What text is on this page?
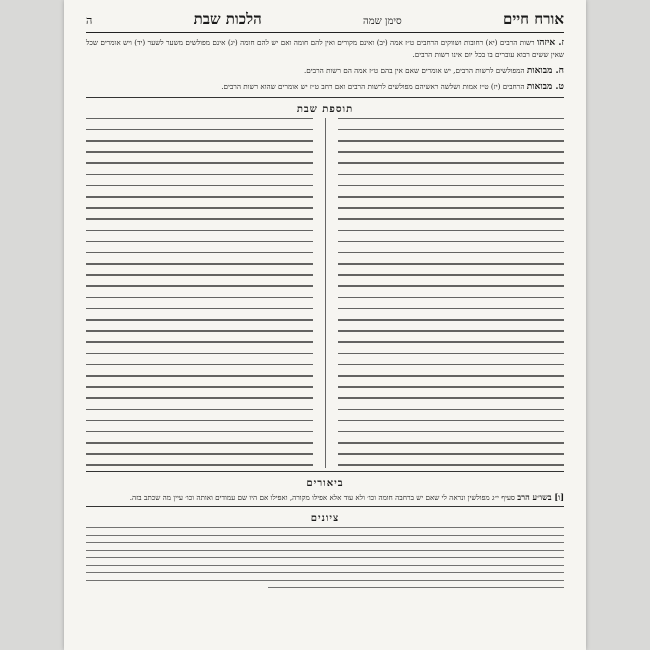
אורח חיים
סימן שמה
הלכות שבת
ה
ז. איזהו רשות הרבים (יא) רחובות ושווקים הרחבים ט״ז אמה (יב) ואינם מקורים ואין להם חומה ואם יש להם חומה (יג) אינם מפולשים משער לשער (יד) ויש אומרים שכל שאין ששים רבוא עוברים בו בכל יום אינו רשות הרבים.
ח. מבואות המפולשים לרשות הרבים, יש אומרים שאם אין בהם ט״ז אמה הם רשות הרבים.
ט. מבואות הרחבים (יז) ט״ז אמות ושלשה ראשיהם מפולשים לרשות הרבים ואם רחב ט״ז יש אומרים שהוא רשות הרבים.
תוספת שבת
ביאורים
[ו] בשו״ע הרב סעיף י״ג מפולשין ונראה לי שאם יש ברחבה חומה וכו׳ ולא עוד אלא אפילו מקורה, ואפילו אם היו שם עמודים ואותה וכו׳ עיין מה שכתב בזה.
ציונים
